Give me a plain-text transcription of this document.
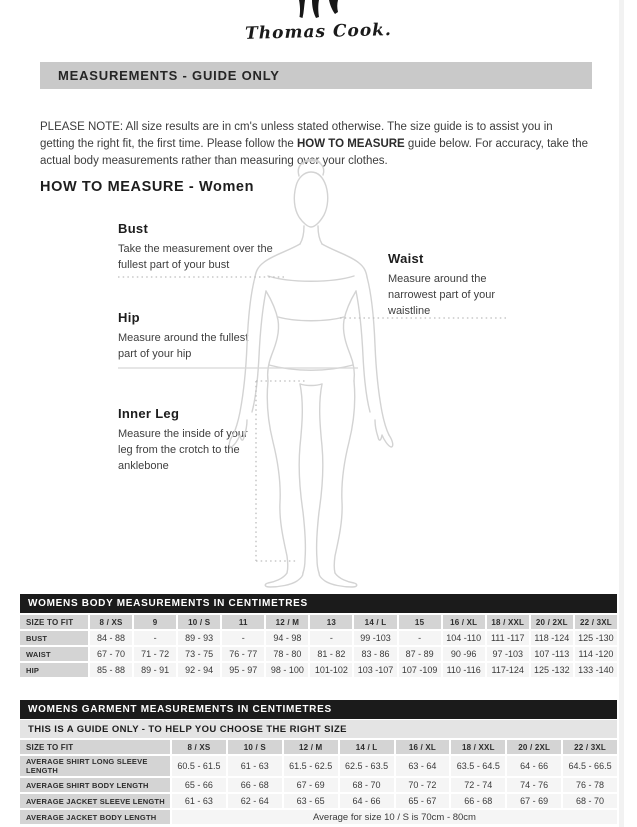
Thomas Cook.
MEASUREMENTS - GUIDE ONLY

PLEASE NOTE: All size results are in cm's unless stated otherwise. The size guide is to assist you in getting the right fit, the first time. Please follow the HOW TO MEASURE guide below. For accuracy, take the actual body measurements rather than measuring over your clothes.

HOW TO MEASURE - Women
Bust
Take the measurement over the fullest part of your bust	Waist
Measure around the narrowest part of your waistline
Hip
Measure around the fullest part of your hip
Inner Leg
Measure the inside of your leg from the crotch to the anklebone
WOMENS BODY MEASUREMENTS IN CENTIMETRES
SIZE TO FIT	8 / XS	9	10 / S	11	12 / M	13	14 / L	15	16 / XL	18 / XXL	20 / 2XL	22 / 3XL
BUST	84 - 88	-	89 - 93	-	94 - 98	-	99 -103	-	104 -110	111 -117	118 -124	125 -130
WAIST	67 - 70	71 - 72	73 - 75	76 - 77	78 - 80	81 - 82	83 - 86	87 - 89	90 -96	97 -103	107 -113	114 -120
HIP	85 - 88	89 - 91	92 - 94	95 - 97	98 - 100	101-102	103 -107	107 -109	110 -116	117-124	125 -132	133 -140
WOMENS GARMENT MEASUREMENTS IN CENTIMETRES
THIS IS A GUIDE ONLY - TO HELP YOU CHOOSE THE RIGHT SIZE
SIZE TO FIT	8 / XS	10 / S	12 / M	14 / L	16 / XL	18 / XXL	20 / 2XL	22 / 3XL
AVERAGE SHIRT LONG SLEEVE LENGTH	60.5 - 61.5	61 - 63	61.5 - 62.5	62.5 - 63.5	63 - 64	63.5 - 64.5	64 - 66	64.5 - 66.5
AVERAGE SHIRT BODY LENGTH	65 - 66	66 - 68	67 - 69	68 - 70	70 - 72	72 - 74	74 - 76	76 - 78
AVERAGE JACKET SLEEVE LENGTH	61 - 63	62 - 64	63 - 65	64 - 66	65 - 67	66 - 68	67 - 69	68 - 70
AVERAGE JACKET BODY LENGTH	Average for size 10 / S is 70cm - 80cm							
